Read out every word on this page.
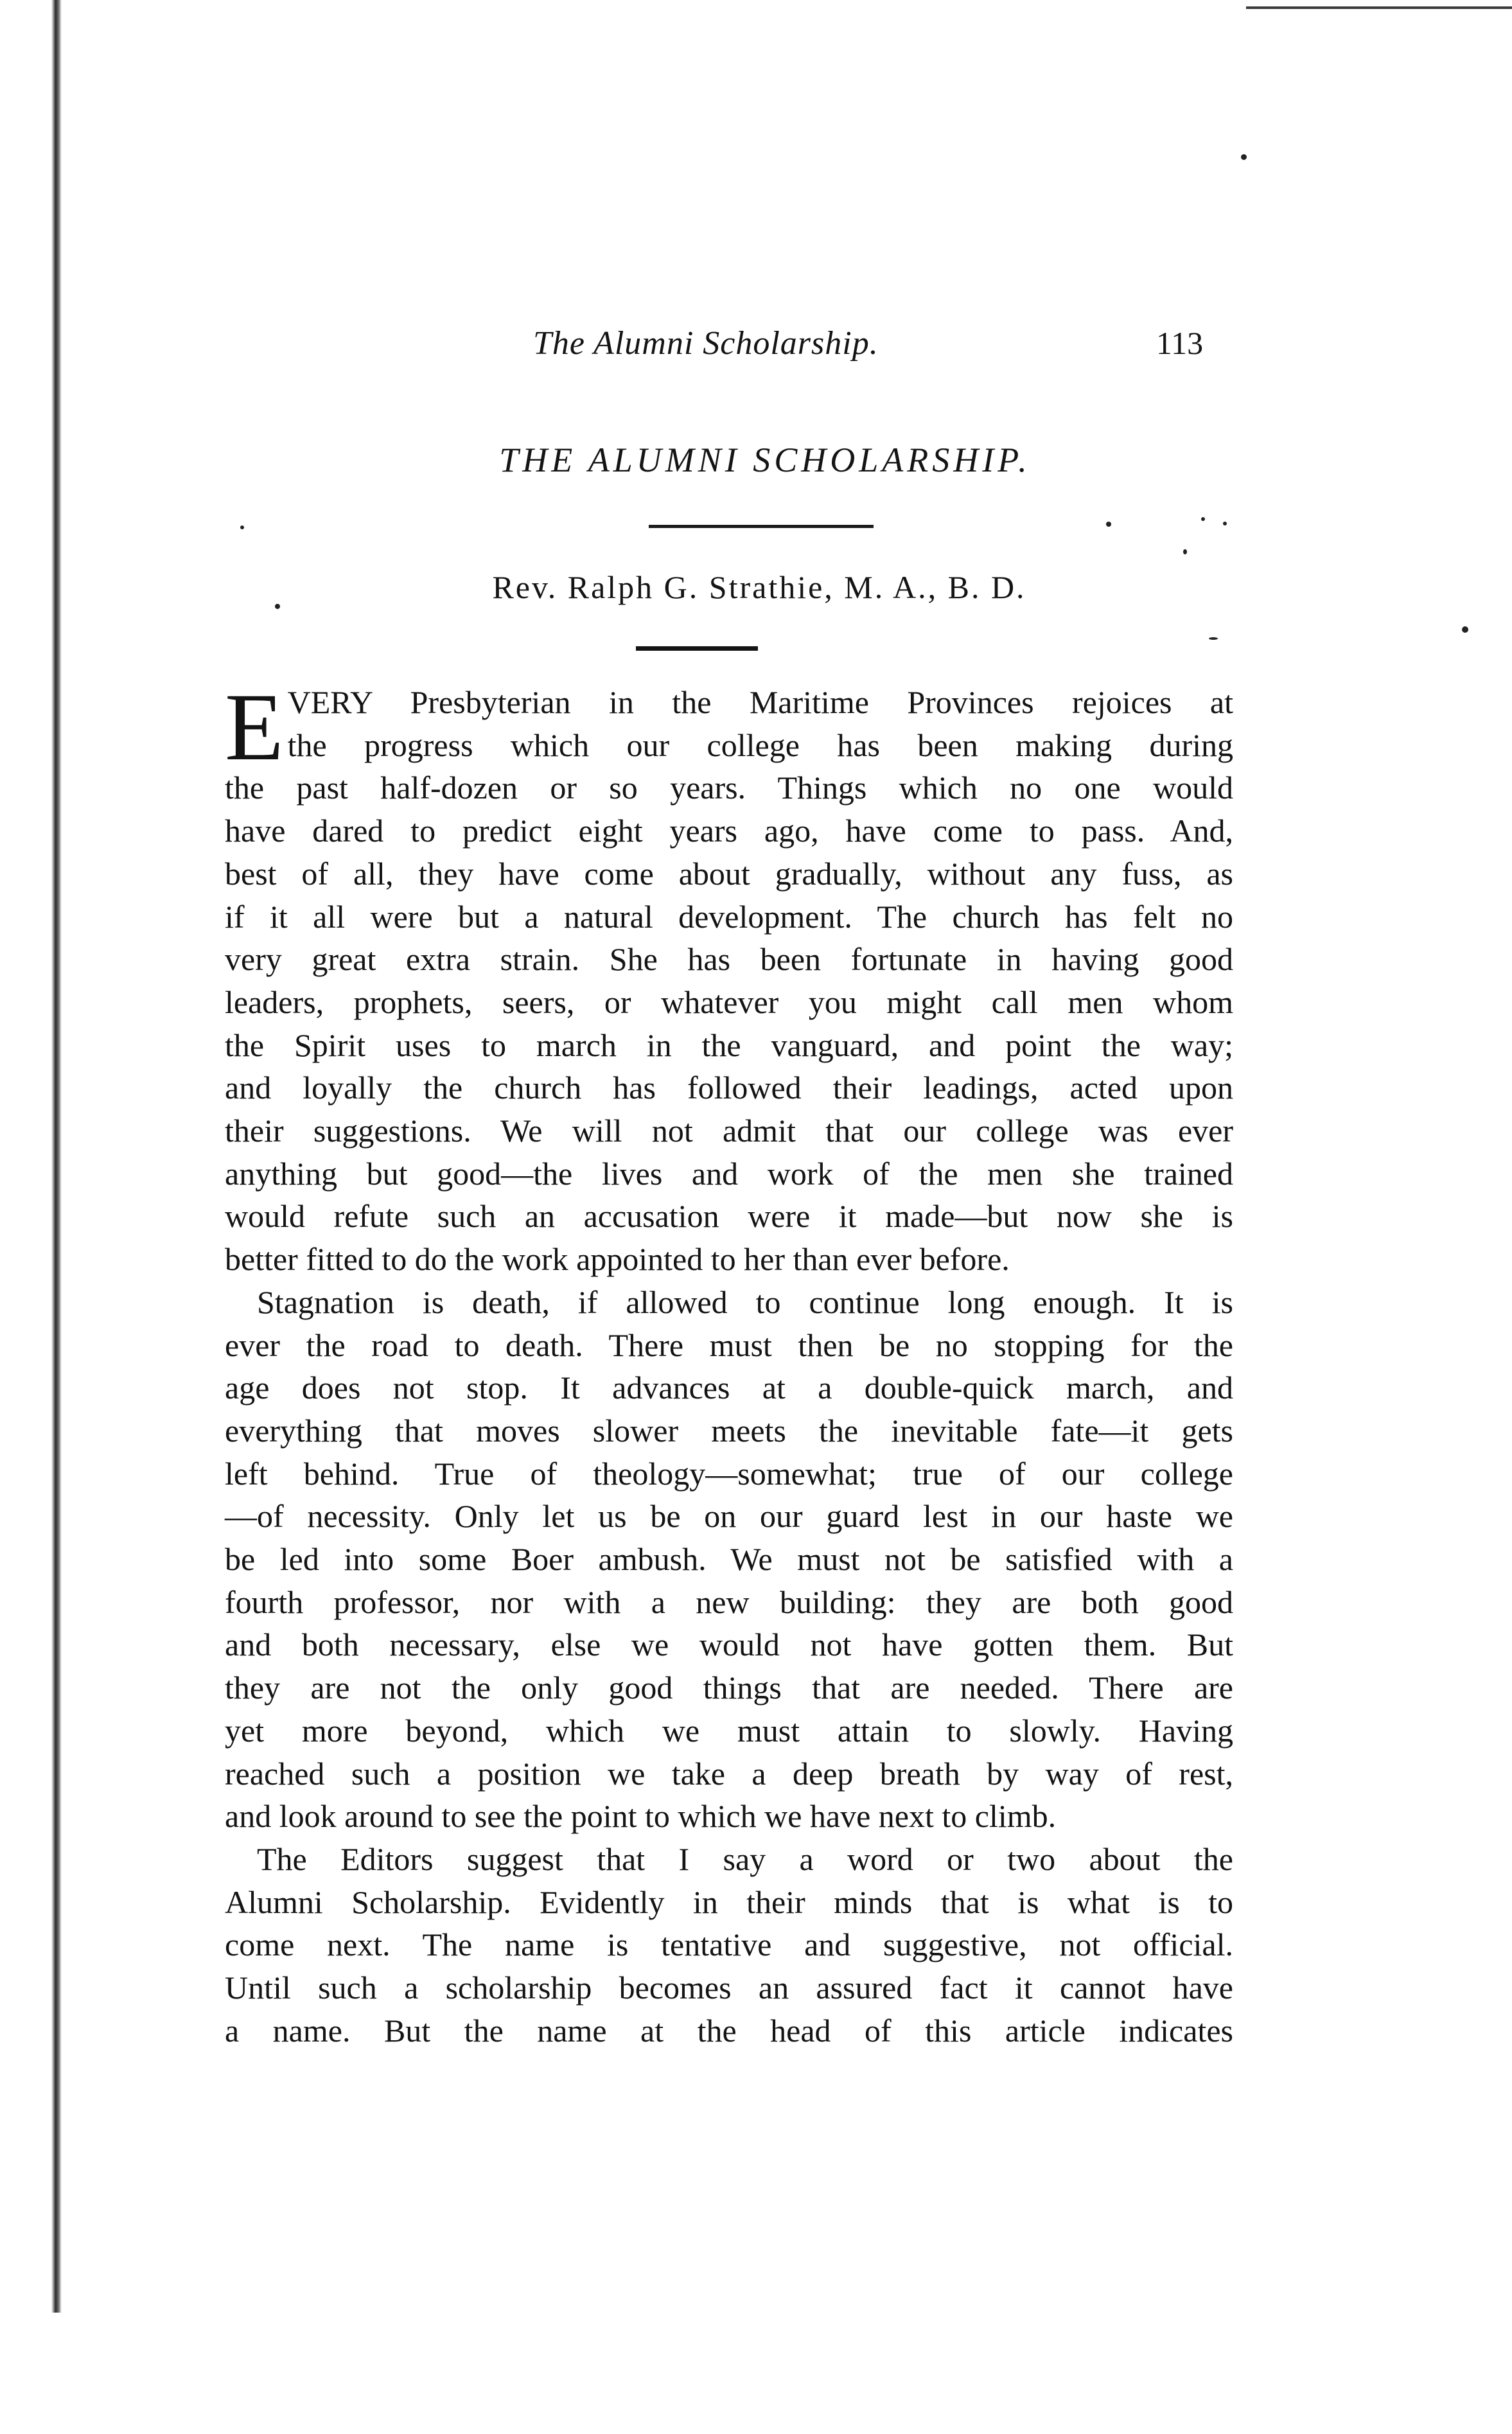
The Alumni Scholarship.	113
THE ALUMNI SCHOLARSHIP.
Rev. Ralph G. Strathie, M. A., B. D.
E VERY Presbyterian in the Maritime Provinces rejoices at

the progress which our college has been making during

the past half-dozen or so years. Things which no one would

have dared to predict eight years ago, have come to pass. And,

best of all, they have come about gradually, without any fuss, as

if it all were but a natural development. The church has felt no

very great extra strain. She has been fortunate in having good

leaders, prophets, seers, or whatever you might call men whom

the Spirit uses to march in the vanguard, and point the way;

and loyally the church has followed their leadings, acted upon

their suggestions. We will not admit that our college was ever

anything but good—the lives and work of the men she trained

would refute such an accusation were it made—but now she is

better fitted to do the work appointed to her than ever before.

Stagnation is death, if allowed to continue long enough. It is

ever the road to death. There must then be no stopping for the

age does not stop. It advances at a double-quick march, and

everything that moves slower meets the inevitable fate—it gets

left behind. True of theology—somewhat; true of our college

—of necessity. Only let us be on our guard lest in our haste we

be led into some Boer ambush. We must not be satisfied with a

fourth professor, nor with a new building: they are both good

and both necessary, else we would not have gotten them. But

they are not the only good things that are needed. There are

yet more beyond, which we must attain to slowly. Having

reached such a position we take a deep breath by way of rest,

and look around to see the point to which we have next to climb.

The Editors suggest that I say a word or two about the

Alumni Scholarship. Evidently in their minds that is what is to

come next. The name is tentative and suggestive, not official.

Until such a scholarship becomes an assured fact it cannot have

a name. But the name at the head of this article indicates
